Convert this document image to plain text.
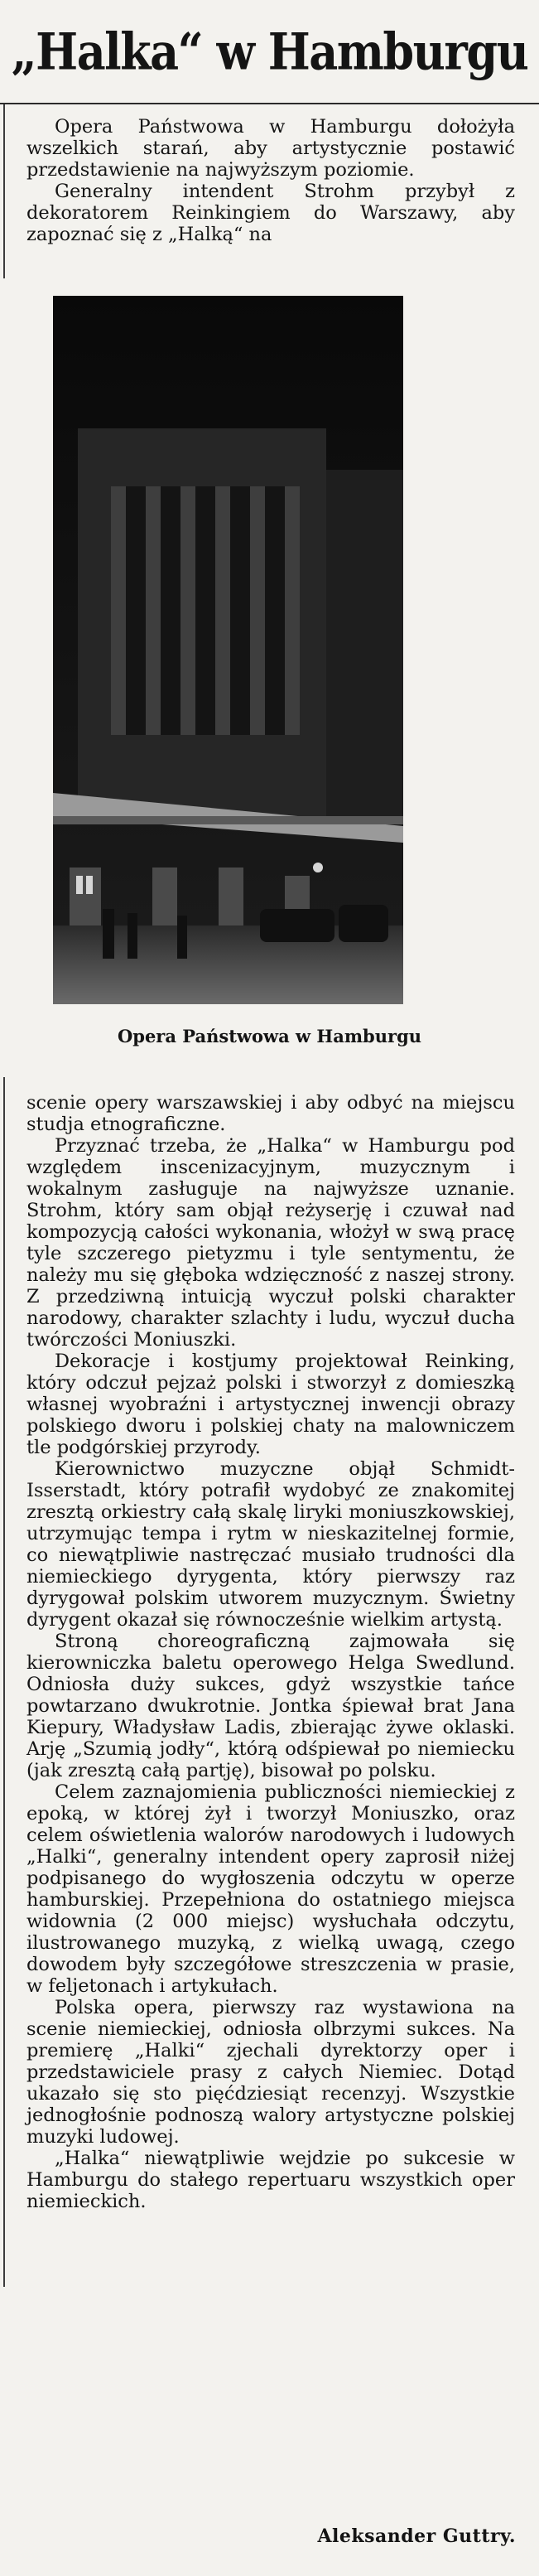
„Halka“ w Hamburgu

Opera Państwowa w Hamburgu dołożyła wszelkich starań, aby artystycznie postawić przedstawienie na najwyższym poziomie.

Generalny intendent Strohm przybył z dekoratorem Reinkingiem do Warszawy, aby zapoznać się z „Halką“ na

Opera Państwowa w Hamburgu

scenie opery warszawskiej i aby odbyć na miejscu studja etnograficzne.

Przyznać trzeba, że „Halka“ w Hamburgu pod względem inscenizacyjnym, muzycznym i wokalnym zasługuje na najwyższe uznanie. Strohm, który sam objął reżyserję i czuwał nad kompozycją całości wykonania, włożył w swą pracę tyle szczerego pietyzmu i tyle sentymentu, że należy mu się głęboka wdzięczność z naszej strony. Z przedziwną intuicją wyczuł polski charakter narodowy, charakter szlachty i ludu, wyczuł ducha twórczości Moniuszki.

Dekoracje i kostjumy projektował Reinking, który odczuł pejzaż polski i stworzył z domieszką własnej wyobraźni i artystycznej inwencji obrazy polskiego dworu i polskiej chaty na malowniczem tle podgórskiej przyrody.

Kierownictwo muzyczne objął Schmidt-Isserstadt, który potrafił wydobyć ze znakomitej zresztą orkiestry całą skalę liryki moniuszkowskiej, utrzymując tempa i rytm w nieskazitelnej formie, co niewątpliwie nastręczać musiało trudności dla niemieckiego dyrygenta, który pierwszy raz dyrygował polskim utworem muzycznym. Świetny dyrygent okazał się równocześnie wielkim artystą.

Stroną choreograficzną zajmowała się kierowniczka baletu operowego Helga Swedlund. Odniosła duży sukces, gdyż wszystkie tańce powtarzano dwukrotnie. Jontka śpiewał brat Jana Kiepury, Władysław Ladis, zbierając żywe oklaski. Arję „Szumią jodły“, którą odśpiewał po niemiecku (jak zresztą całą partję), bisował po polsku.

Celem zaznajomienia publiczności niemieckiej z epoką, w której żył i tworzył Moniuszko, oraz celem oświetlenia walorów narodowych i ludowych „Halki“, generalny intendent opery zaprosił niżej podpisanego do wygłoszenia odczytu w operze hamburskiej. Przepełniona do ostatniego miejsca widownia (2 000 miejsc) wysłuchała odczytu, ilustrowanego muzyką, z wielką uwagą, czego dowodem były szczegółowe streszczenia w prasie, w feljetonach i artykułach.

Polska opera, pierwszy raz wystawiona na scenie niemieckiej, odniosła olbrzymi sukces. Na premierę „Halki“ zjechali dyrektorzy oper i przedstawiciele prasy z całych Niemiec. Dotąd ukazało się sto pięćdziesiąt recenzyj. Wszystkie jednogłośnie podnoszą walory artystyczne polskiej muzyki ludowej.

„Halka“ niewątpliwie wejdzie po sukcesie w Hamburgu do stałego repertuaru wszystkich oper niemieckich.

Aleksander Guttry.
